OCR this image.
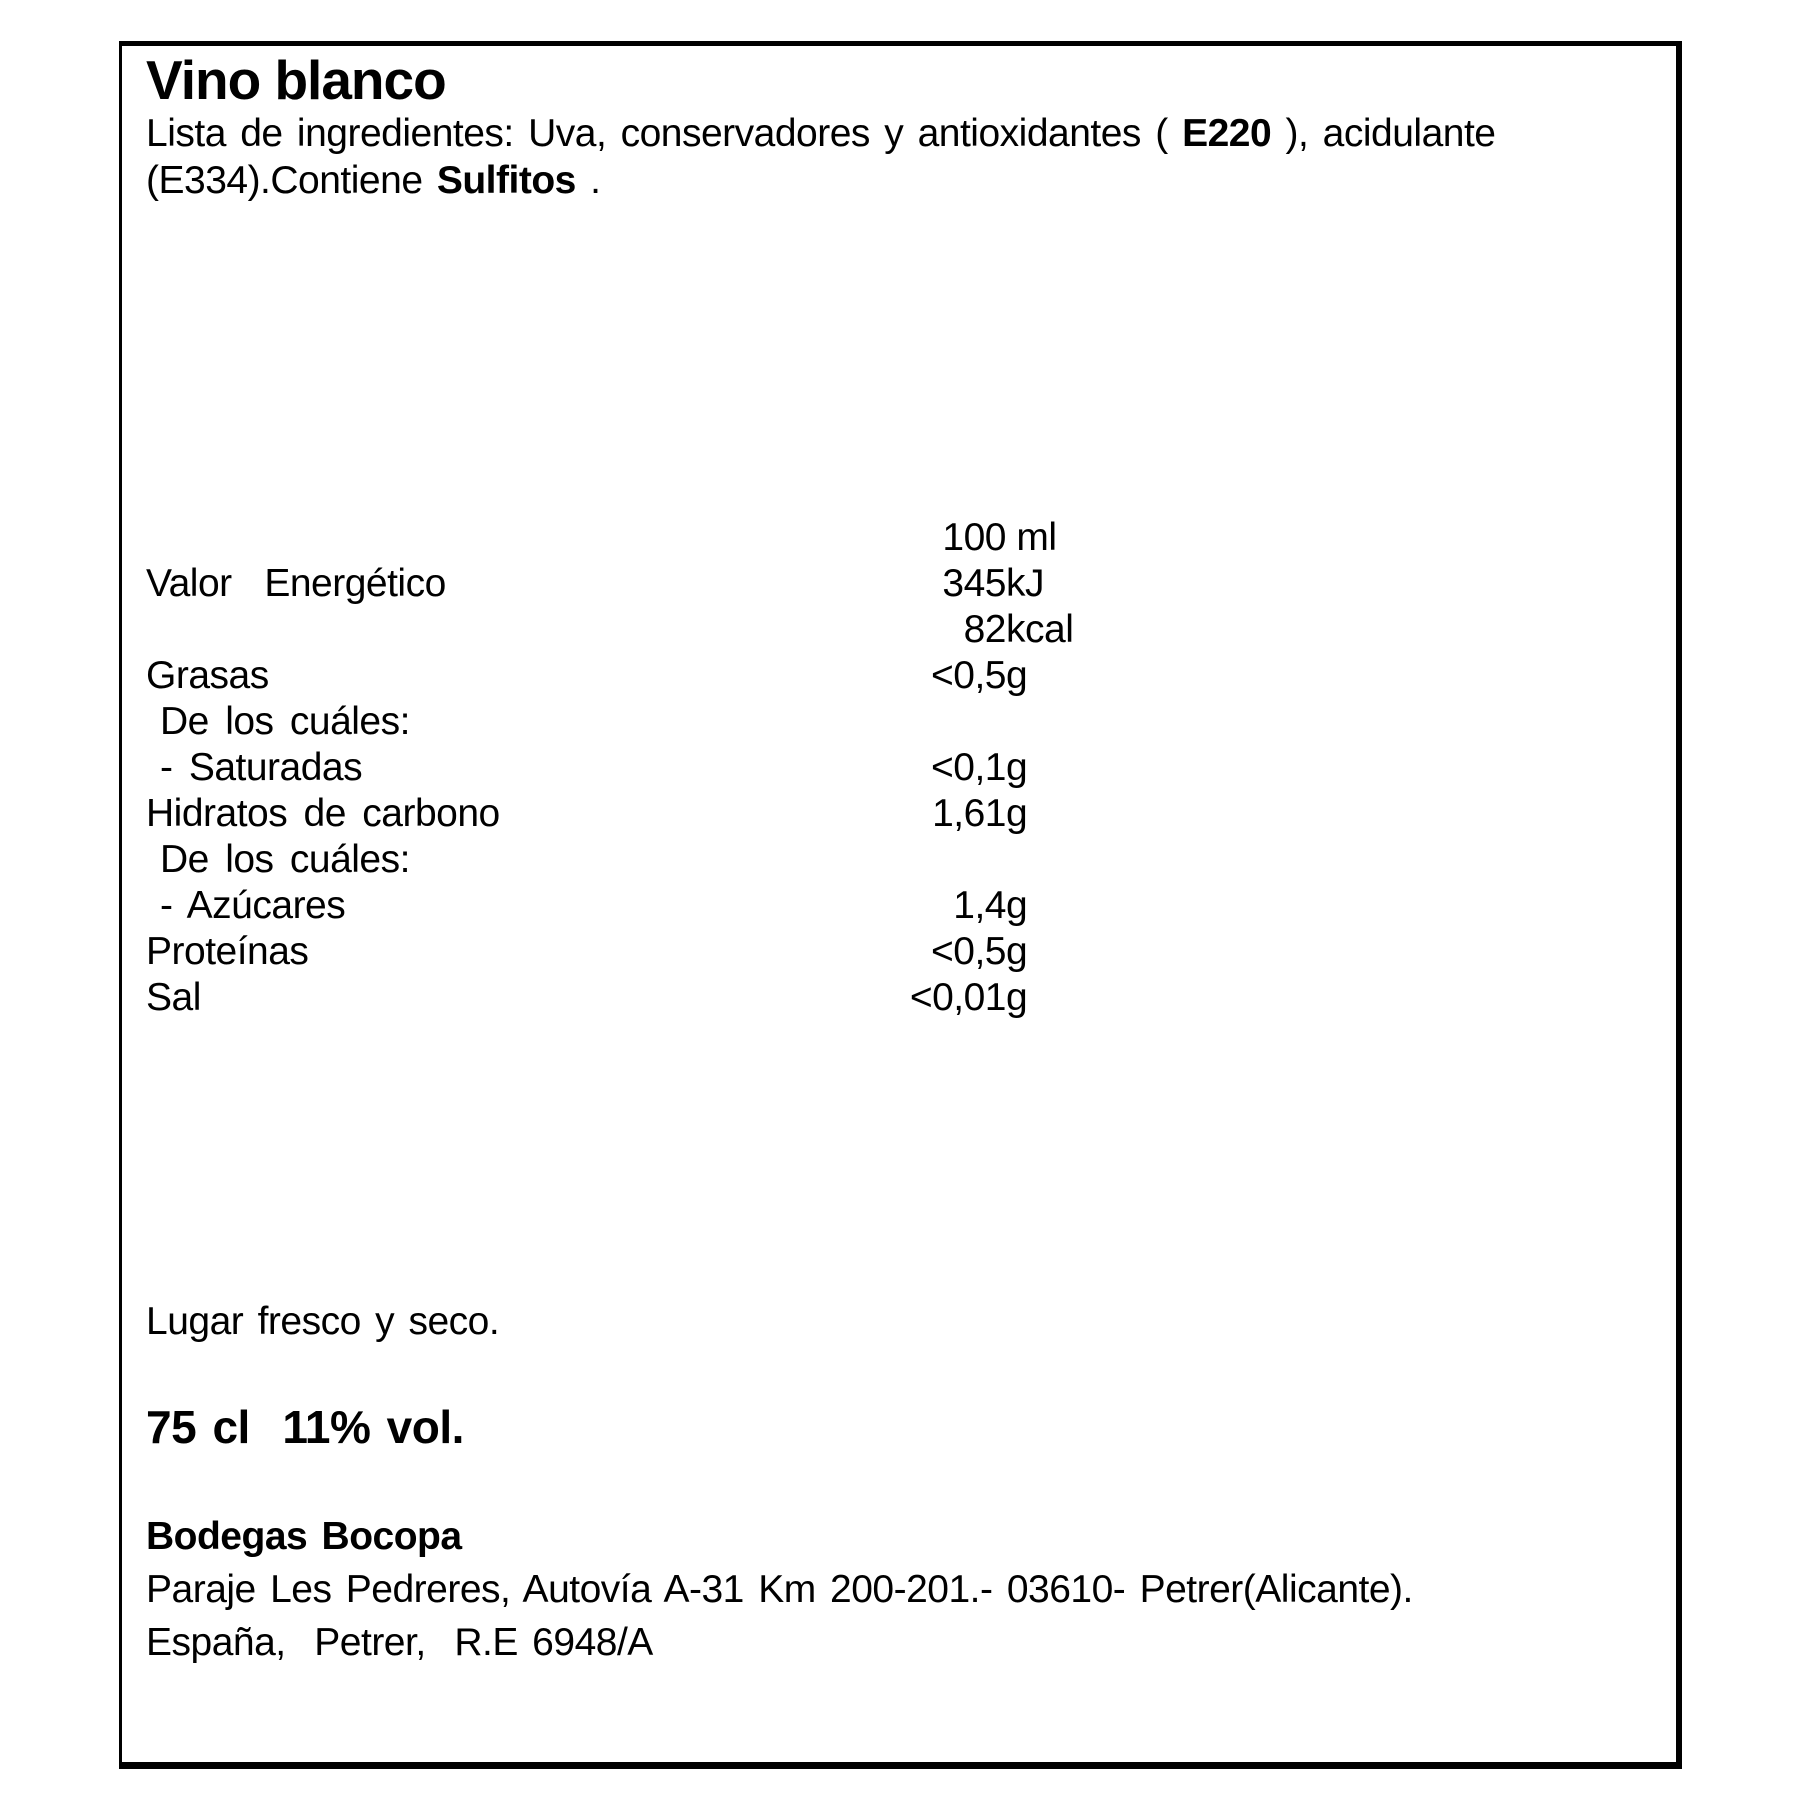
Vino blanco
Lista de ingredientes: Uva, conservadores y antioxidantes ( E220 ), acidulante
(E334).Contiene Sulfitos .
100 ml
Valor  Energético	345 kJ
82 kcal
Grasas	<0,5 g
De los cuáles:
- Saturadas	<0,1 g
Hidratos de carbono	1,61 g
De los cuáles:
- Azúcares	1,4 g
Proteínas	<0,5 g
Sal	<0,01 g

Lugar fresco y seco.

75 cl  11% vol.

Bodegas Bocopa

Paraje Les Pedreres, Autovía A-31 Km 200-201.- 03610- Petrer(Alicante).

España,  Petrer,  R.E 6948/A
